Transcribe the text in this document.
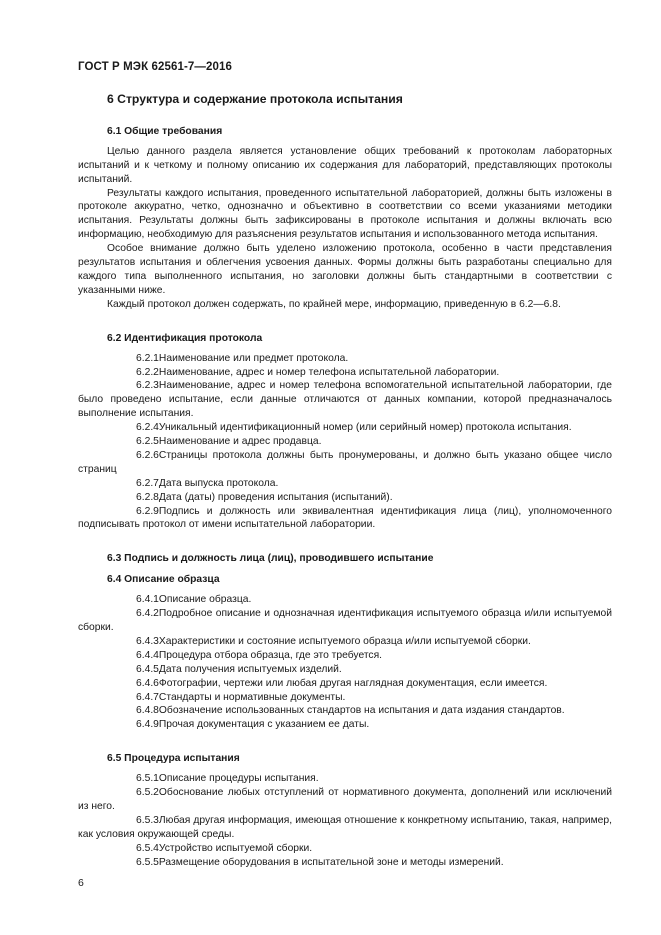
ГОСТ Р МЭК 62561-7—2016
6 Структура и содержание протокола испытания
6.1 Общие требования

Целью данного раздела является установление общих требований к протоколам лабораторных испытаний и к четкому и полному описанию их содержания для лабораторий, представляющих протоколы испытаний.

Результаты каждого испытания, проведенного испытательной лабораторией, должны быть изложены в протоколе аккуратно, четко, однозначно и объективно в соответствии со всеми указаниями методики испытания. Результаты должны быть зафиксированы в протоколе испытания и должны включать всю информацию, необходимую для разъяснения результатов испытания и использованного метода испытания.

Особое внимание должно быть уделено изложению протокола, особенно в части представления результатов испытания и облегчения усвоения данных. Формы должны быть разработаны специально для каждого типа выполненного испытания, но заголовки должны быть стандартными в соответствии с указанными ниже.

Каждый протокол должен содержать, по крайней мере, информацию, приведенную в 6.2—6.8.

6.2 Идентификация протокола

6.2.1Наименование или предмет протокола.

6.2.2Наименование, адрес и номер телефона испытательной лаборатории.

6.2.3Наименование, адрес и номер телефона вспомогательной испытательной лаборатории, где было проведено испытание, если данные отличаются от данных компании, которой предназначалось выполнение испытания.

6.2.4Уникальный идентификационный номер (или серийный номер) протокола испытания.

6.2.5Наименование и адрес продавца.

6.2.6Страницы протокола должны быть пронумерованы, и должно быть указано общее число страниц

6.2.7Дата выпуска протокола.

6.2.8Дата (даты) проведения испытания (испытаний).

6.2.9Подпись и должность или эквивалентная идентификация лица (лиц), уполномоченного подписывать протокол от имени испытательной лаборатории.

6.3 Подпись и должность лица (лиц), проводившего испытание
6.4 Описание образца

6.4.1Описание образца.

6.4.2Подробное описание и однозначная идентификация испытуемого образца и/или испытуемой сборки.

6.4.3Характеристики и состояние испытуемого образца и/или испытуемой сборки.

6.4.4Процедура отбора образца, где это требуется.

6.4.5Дата получения испытуемых изделий.

6.4.6Фотографии, чертежи или любая другая наглядная документация, если имеется.

6.4.7Стандарты и нормативные документы.

6.4.8Обозначение использованных стандартов на испытания и дата издания стандартов.

6.4.9Прочая документация с указанием ее даты.

6.5 Процедура испытания

6.5.1Описание процедуры испытания.

6.5.2Обоснование любых отступлений от нормативного документа, дополнений или исключений из него.

6.5.3Любая другая информация, имеющая отношение к конкретному испытанию, такая, например, как условия окружающей среды.

6.5.4Устройство испытуемой сборки.

6.5.5Размещение оборудования в испытательной зоне и методы измерений.

6
